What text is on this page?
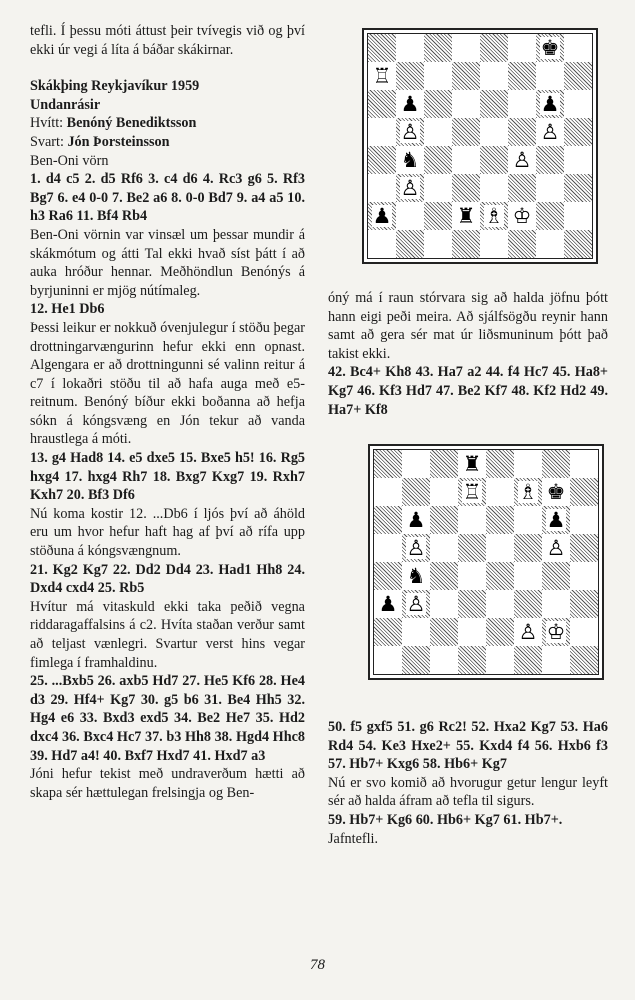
tefli. Í þessu móti áttust þeir tvívegis við og því ekki úr vegi á líta á báðar skákirnar.

Skákþing Reykjavíkur 1959

Undanrásir

Hvítt: Benóný Benediktsson

Svart: Jón Þorsteinsson

Ben-Oni vörn

1. d4 c5 2. d5 Rf6 3. c4 d6 4. Rc3 g6 5. Rf3 Bg7 6. e4 0-0 7. Be2 a6 8. 0-0 Bd7 9. a4 a5 10. h3 Ra6 11. Bf4 Rb4

Ben-Oni vörnin var vinsæl um þessar mundir á skákmótum og átti Tal ekki hvað síst þátt í að auka hróður hennar. Meðhöndlun Benónýs á byrjuninni er mjög nútímaleg.

12. He1 Db6

Þessi leikur er nokkuð óvenjulegur í stöðu þegar drottningarvængurinn hefur ekki enn opnast. Algengara er að drottningunni sé valinn reitur á c7 í lokaðri stöðu til að hafa auga með e5-reitnum. Benóný bíður ekki boðanna að hefja sókn á kóngsvæng en Jón tekur að vanda hraustlega á móti.

13. g4 Had8 14. e5 dxe5 15. Bxe5 h5! 16. Rg5 hxg4 17. hxg4 Rh7 18. Bxg7 Kxg7 19. Rxh7 Kxh7 20. Bf3 Df6

Nú koma kostir 12. ...Db6 í ljós því að áhöld eru um hvor hefur haft hag af því að rífa upp stöðuna á kóngsvængnum.

21. Kg2 Kg7 22. Dd2 Dd4 23. Had1 Hh8 24. Dxd4 cxd4 25. Rb5

Hvítur má vitaskuld ekki taka peðið vegna riddaragaffalsins á c2. Hvíta staðan verður samt að teljast vænlegri. Svartur verst hins vegar fimlega í framhaldinu.

25. ...Bxb5 26. axb5 Hd7 27. He5 Kf6 28. He4 d3 29. Hf4+ Kg7 30. g5 b6 31. Be4 Hh5 32. Hg4 e6 33. Bxd3 exd5 34. Be2 He7 35. Hd2 dxc4 36. Bxc4 Hc7 37. b3 Hh8 38. Hgd4 Hhc8 39. Hd7 a4! 40. Bxf7 Hxd7 41. Hxd7 a3

Jóni hefur tekist með undraverðum hætti að skapa sér hættulegan frelsingja og Ben-

♚
♖
♟	♟
♙	♙
♞	♙
♙
♟	♜ ♗ ♔

óný má í raun stórvara sig að halda jöfnu þótt hann eigi peði meira. Að sjálfsögðu reynir hann samt að gera sér mat úr liðsmuninum þótt það takist ekki.

42. Bc4+ Kh8 43. Ha7 a2 44. f4 Hc7 45. Ha8+ Kg7 46. Kf3 Hd7 47. Be2 Kf7 48. Kf2 Hd2 49. Ha7+ Kf8

♜
♖ ♗ ♚
♟	♟
♙	♙
♞
♟ ♙
♙ ♔

50. f5 gxf5 51. g6 Rc2! 52. Hxa2 Kg7 53. Ha6 Rd4 54. Ke3 Hxe2+ 55. Kxd4 f4 56. Hxb6 f3 57. Hb7+ Kxg6 58. Hb6+ Kg7

Nú er svo komið að hvorugur getur lengur leyft sér að halda áfram að tefla til sigurs.

59. Hb7+ Kg6 60. Hb6+ Kg7 61. Hb7+.

Jafntefli.

78
